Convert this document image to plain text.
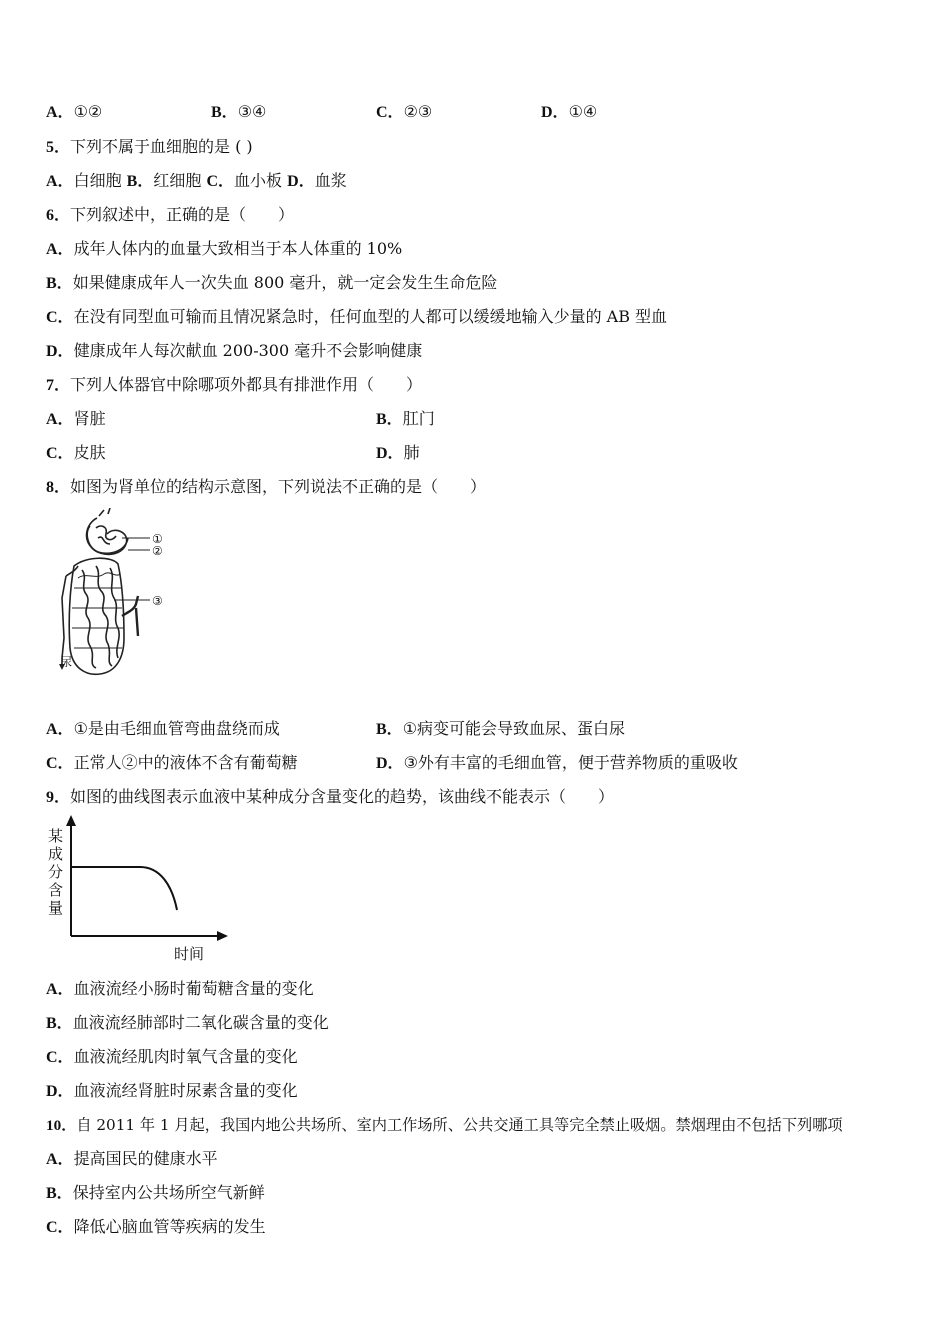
A．①②	B．③④	C．②③	D．①④
5．下列不属于血细胞的是 ( )
A．白细胞 B．红细胞 C．血小板 D．血浆
6．下列叙述中，正确的是（　　）
A．成年人体内的血量大致相当于本人体重的 10%
B．如果健康成年人一次失血 800 毫升，就一定会发生生命危险
C．在没有同型血可输而且情况紧急时，任何血型的人都可以缓缓地输入少量的 AB 型血
D．健康成年人每次献血 200-300 毫升不会影响健康
7．下列人体器官中除哪项外都具有排泄作用（　　）
A．肾脏	B．肛门
C．皮肤	D．肺
8．如图为肾单位的结构示意图，下列说法不正确的是（　　）
①
②
③
尿
A．①是由毛细血管弯曲盘绕而成	B．①病变可能会导致血尿、蛋白尿
C．正常人②中的液体不含有葡萄糖	D．③外有丰富的毛细血管，便于营养物质的重吸收
9．如图的曲线图表示血液中某种成分含量变化的趋势，该曲线不能表示（　　）
某
成
分
含
量
时间
A．血液流经小肠时葡萄糖含量的变化
B．血液流经肺部时二氧化碳含量的变化
C．血液流经肌肉时氧气含量的变化
D．血液流经肾脏时尿素含量的变化
10．自 2011 年 1 月起，我国内地公共场所、室内工作场所、公共交通工具等完全禁止吸烟。禁烟理由不包括下列哪项
A．提高国民的健康水平
B．保持室内公共场所空气新鲜
C．降低心脑血管等疾病的发生
